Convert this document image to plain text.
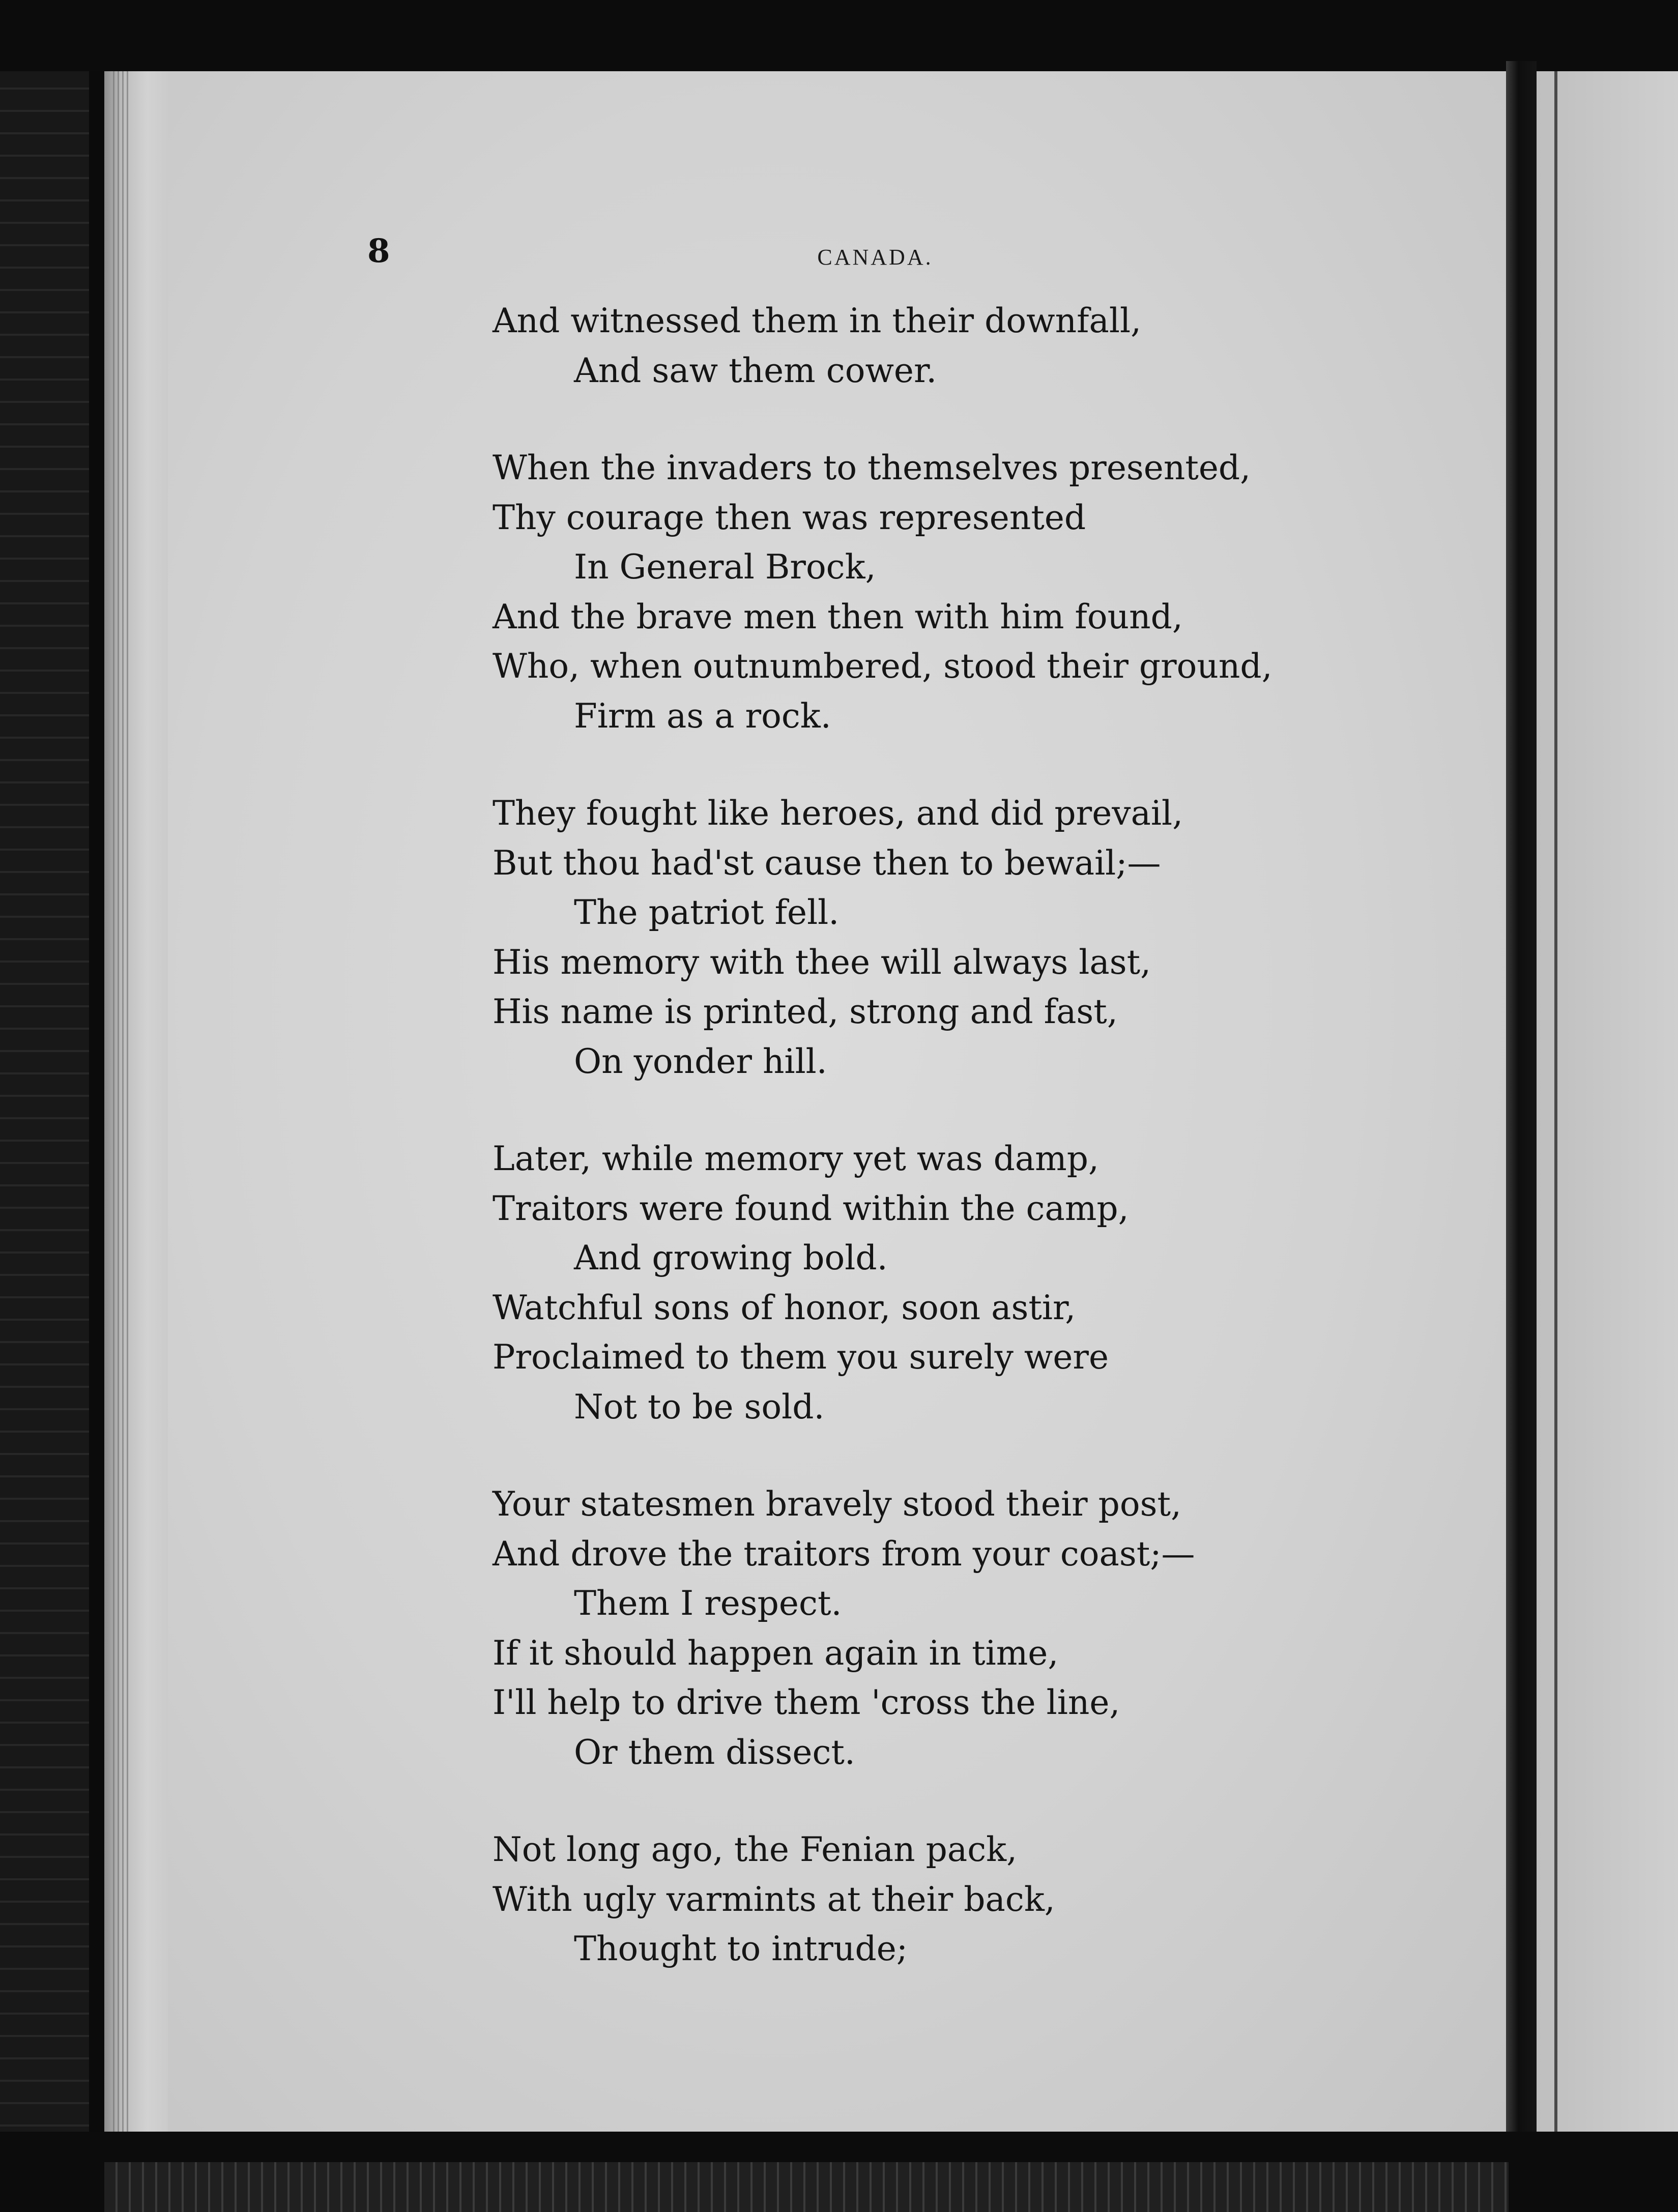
8	CANADA.
And witnessed them in their downfall,
And saw them cower.
When the invaders to themselves presented,
Thy courage then was represented
In General Brock,
And the brave men then with him found,
Who, when outnumbered, stood their ground,
Firm as a rock.
They fought like heroes, and did prevail,
But thou had'st cause then to bewail;—
The patriot fell.
His memory with thee will always last,
His name is printed, strong and fast,
On yonder hill.
Later, while memory yet was damp,
Traitors were found within the camp,
And growing bold.
Watchful sons of honor, soon astir,
Proclaimed to them you surely were
Not to be sold.
Your statesmen bravely stood their post,
And drove the traitors from your coast;—
Them I respect.
If it should happen again in time,
I'll help to drive them 'cross the line,
Or them dissect.
Not long ago, the Fenian pack,
With ugly varmints at their back,
Thought to intrude;
